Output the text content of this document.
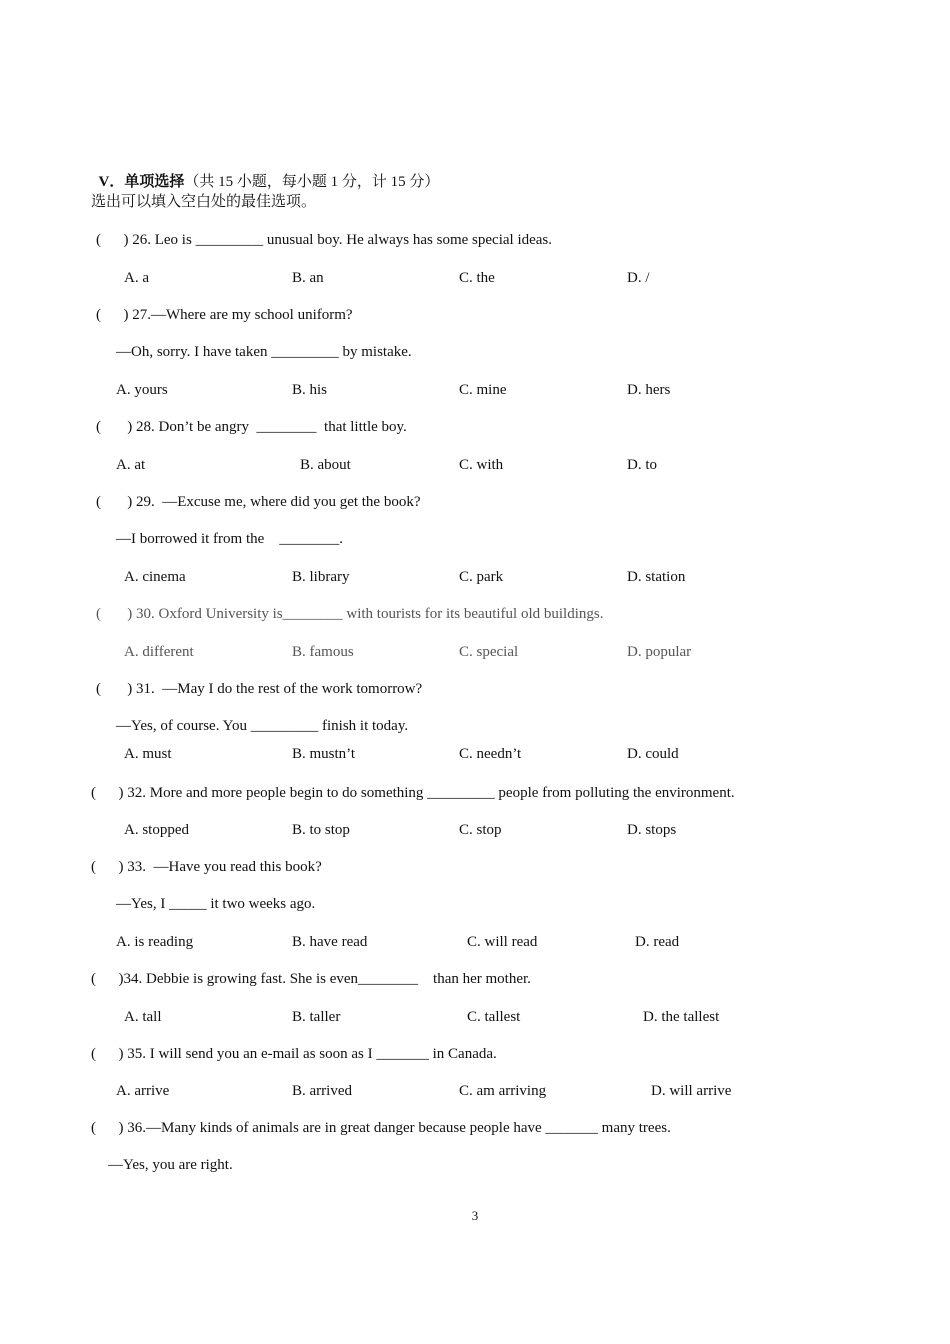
V．单项选择（共 15 小题，每小题 1 分，计 15 分）

选出可以填入空白处的最佳选项。
(      ) 26. Leo is _________ unusual boy. He always has some special ideas.
A. a	B. an	C. the	D. /
(      ) 27.—Where are my school uniform?
—Oh, sorry. I have taken _________ by mistake.
A. yours	B. his	C. mine	D. hers
(       ) 28. Don’t be angry  ________  that little boy.
A. at	B. about	C. with	D. to
(       ) 29.  —Excuse me, where did you get the book?
—I borrowed it from the    ________.
A. cinema	B. library	C. park	D. station
(       ) 30. Oxford University is________ with tourists for its beautiful old buildings.
A. different	B. famous	C. special	D. popular
(       ) 31.  —May I do the rest of the work tomorrow?
—Yes, of course. You _________ finish it today.
A. must	B. mustn’t	C. needn’t	D. could
(      ) 32. More and more people begin to do something _________ people from polluting the environment.
A. stopped	B. to stop	C. stop	D. stops
(      ) 33.  —Have you read this book?
—Yes, I _____ it two weeks ago.
A. is reading	B. have read	C. will read	D. read
(      )34. Debbie is growing fast. She is even________    than her mother.
A. tall	B. taller	C. tallest	D. the tallest
(      ) 35. I will send you an e-mail as soon as I _______ in Canada.
A. arrive	B. arrived	C. am arriving	D. will arrive
(      ) 36.—Many kinds of animals are in great danger because people have _______ many trees.
—Yes, you are right.
3
